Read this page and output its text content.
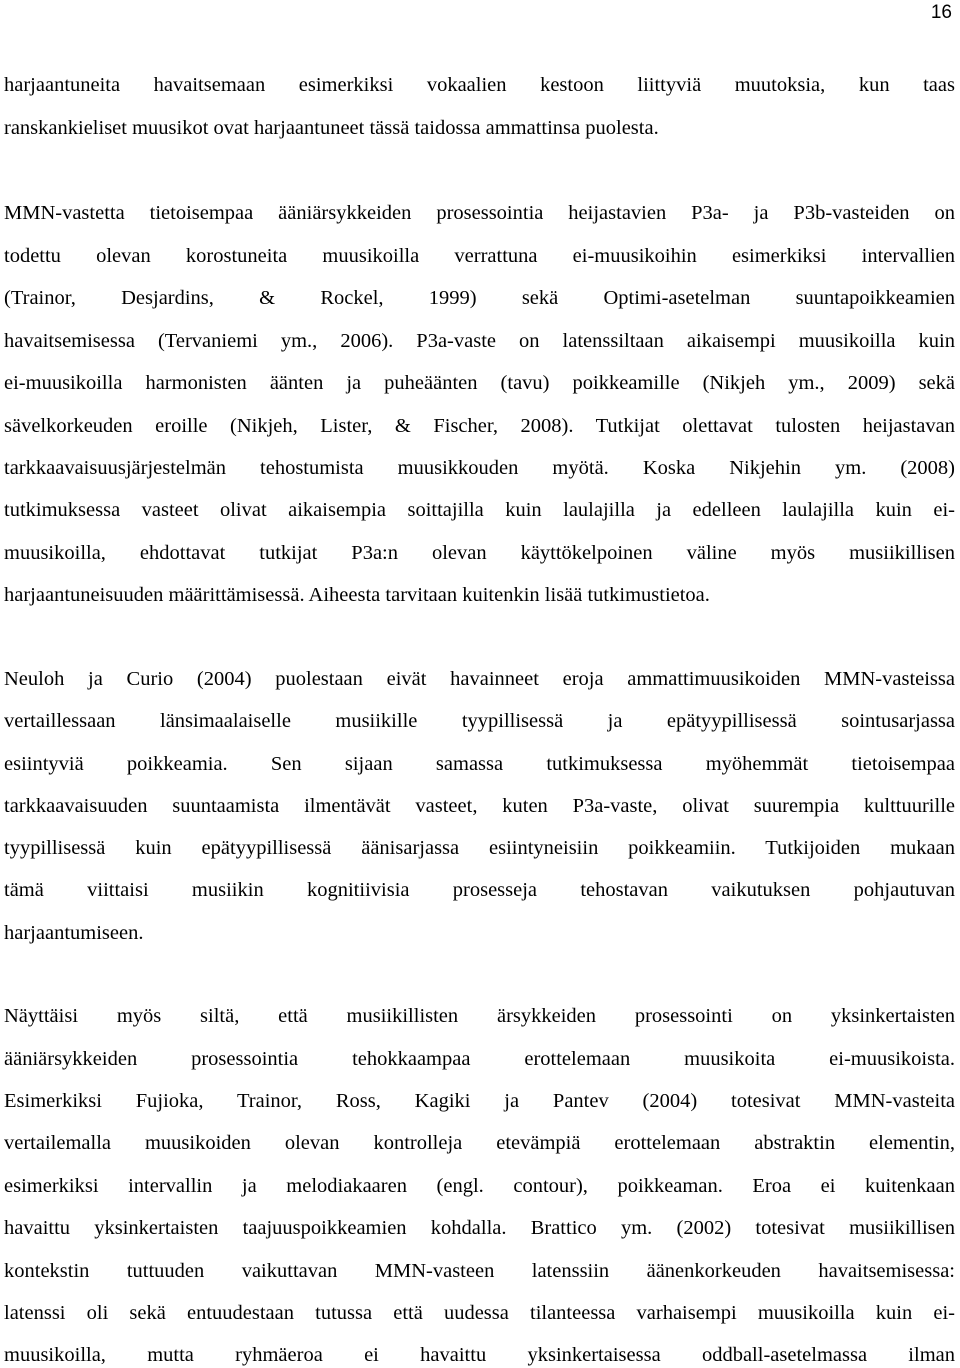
16
harjaantuneita havaitsemaan esimerkiksi vokaalien kestoon liittyviä muutoksia, kun taas
ranskankieliset muusikot ovat harjaantuneet tässä taidossa ammattinsa puolesta.
MMN-vastetta tietoisempaa ääniärsykkeiden prosessointia heijastavien P3a- ja P3b-vasteiden on
todettu olevan korostuneita muusikoilla verrattuna ei-muusikoihin esimerkiksi intervallien
(Trainor, Desjardins, & Rockel, 1999) sekä Optimi-asetelman suuntapoikkeamien
havaitsemisessa (Tervaniemi ym., 2006). P3a-vaste on latenssiltaan aikaisempi muusikoilla kuin
ei-muusikoilla harmonisten äänten ja puheäänten (tavu) poikkeamille (Nikjeh ym., 2009) sekä
sävelkorkeuden eroille (Nikjeh, Lister, & Fischer, 2008). Tutkijat olettavat tulosten heijastavan
tarkkaavaisuusjärjestelmän tehostumista muusikkouden myötä. Koska Nikjehin ym. (2008)
tutkimuksessa vasteet olivat aikaisempia soittajilla kuin laulajilla ja edelleen laulajilla kuin ei-
muusikoilla, ehdottavat tutkijat P3a:n olevan käyttökelpoinen väline myös musiikillisen
harjaantuneisuuden määrittämisessä. Aiheesta tarvitaan kuitenkin lisää tutkimustietoa.
Neuloh ja Curio (2004) puolestaan eivät havainneet eroja ammattimuusikoiden MMN-vasteissa
vertaillessaan länsimaalaiselle musiikille tyypillisessä ja epätyypillisessä sointusarjassa
esiintyviä poikkeamia. Sen sijaan samassa tutkimuksessa myöhemmät tietoisempaa
tarkkaavaisuuden suuntaamista ilmentävät vasteet, kuten P3a-vaste, olivat suurempia kulttuurille
tyypillisessä kuin epätyypillisessä äänisarjassa esiintyneisiin poikkeamiin. Tutkijoiden mukaan
tämä viittaisi musiikin kognitiivisia prosesseja tehostavan vaikutuksen pohjautuvan
harjaantumiseen.
Näyttäisi myös siltä, että musiikillisten ärsykkeiden prosessointi on yksinkertaisten
ääniärsykkeiden prosessointia tehokkaampaa erottelemaan muusikoita ei-muusikoista.
Esimerkiksi Fujioka, Trainor, Ross, Kagiki ja Pantev (2004) totesivat MMN-vasteita
vertailemalla muusikoiden olevan kontrolleja etevämpiä erottelemaan abstraktin elementin,
esimerkiksi intervallin ja melodiakaaren (engl. contour), poikkeaman. Eroa ei kuitenkaan
havaittu yksinkertaisten taajuuspoikkeamien kohdalla. Brattico ym. (2002) totesivat musiikillisen
kontekstin tuttuuden vaikuttavan MMN-vasteen latenssiin äänenkorkeuden havaitsemisessa:
latenssi oli sekä entuudestaan tutussa että uudessa tilanteessa varhaisempi muusikoilla kuin ei-
muusikoilla, mutta ryhmäeroa ei havaittu yksinkertaisessa oddball-asetelmassa ilman
